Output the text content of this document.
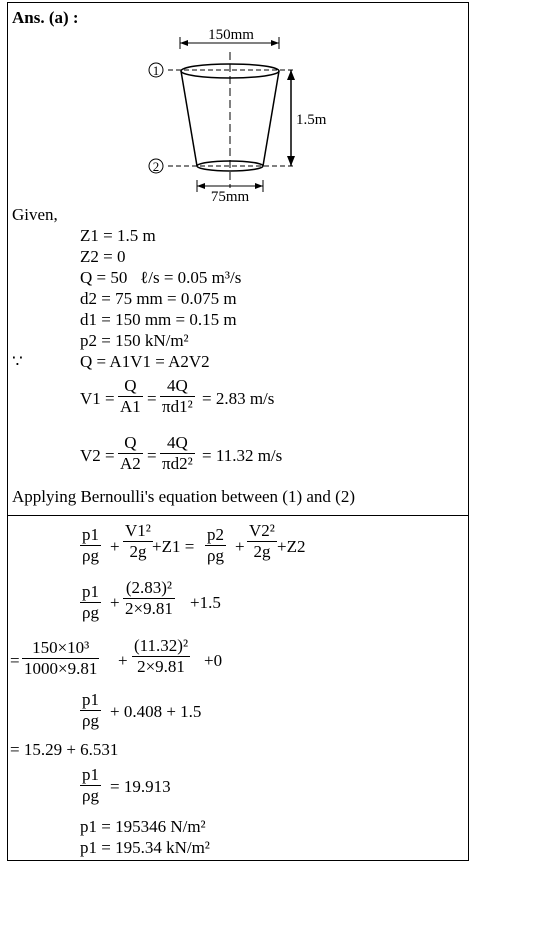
Ans. (a) :
150mm
1.5m
1
2
75mm
Given,
Z1 = 1.5 m
Z2 = 0
Q = 50   ℓ/s = 0.05 m³/s
d2 = 75 mm = 0.075 m
d1 = 150 mm = 0.15 m
p2 = 150 kN/m²
∵	Q = A1V1 = A2V2
$V1 = \frac{Q}{A1} = \frac{4Q}{\text{πd1²}} = 2.83$ m/s
$V2 = \frac{Q}{A2} = \frac{4Q}{\text{πd2²}} = 11.32$ m/s
Applying Bernoulli's equation between (1) and (2)
$\frac{p1}{\rho g} + \frac{\text{V1²}}{2g} +Z1 = \frac{p2}{\rho g} + \frac{\text{V2²}}{2g} +Z2$
$\frac{p1}{\rho g} + \frac{\text{(2.83)²}}{2\times 9.81} +1.5$
= $\frac{\text{150×10³}}{1000\times 9.81} + \frac{\text{(11.32)²}}{2\times 9.81} +0$
$\frac{p1}{\rho g} + 0.408 + 1.5$
= 15.29 + 6.531
$\frac{p1}{\rho g} = 19.913$
p1 = 195346 N/m²
p1 = 195.34 kN/m²
